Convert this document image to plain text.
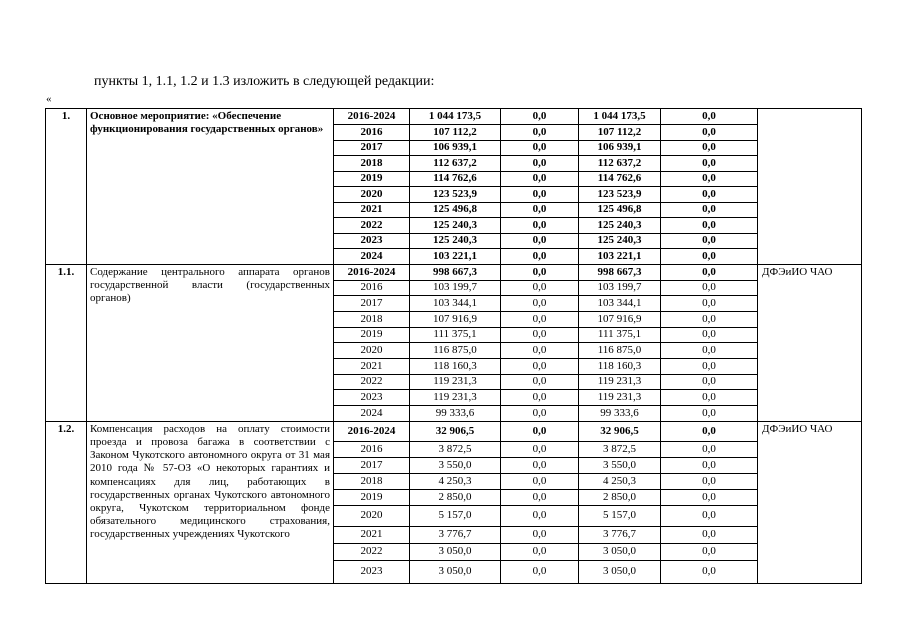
пункты 1, 1.1, 1.2 и 1.3 изложить в следующей редакции:
«
1.	Основное мероприятие: «Обеспечение функционирования государственных органов»	2016-2024	1 044 173,5	0,0	1 044 173,5	0,0	
		2016	107 112,2	0,0	107 112,2	0,0	
		2017	106 939,1	0,0	106 939,1	0,0	
		2018	112 637,2	0,0	112 637,2	0,0	
		2019	114 762,6	0,0	114 762,6	0,0	
		2020	123 523,9	0,0	123 523,9	0,0	
		2021	125 496,8	0,0	125 496,8	0,0	
		2022	125 240,3	0,0	125 240,3	0,0	
		2023	125 240,3	0,0	125 240,3	0,0	
		2024	103 221,1	0,0	103 221,1	0,0	
1.1.	Содержание центрального аппарата органов государственной власти (государственных органов)	2016-2024	998 667,3	0,0	998 667,3	0,0	ДФЭиИО ЧАО
		2016	103 199,7	0,0	103 199,7	0,0	
		2017	103 344,1	0,0	103 344,1	0,0	
		2018	107 916,9	0,0	107 916,9	0,0	
		2019	111 375,1	0,0	111 375,1	0,0	
		2020	116 875,0	0,0	116 875,0	0,0	
		2021	118 160,3	0,0	118 160,3	0,0	
		2022	119 231,3	0,0	119 231,3	0,0	
		2023	119 231,3	0,0	119 231,3	0,0	
		2024	99 333,6	0,0	99 333,6	0,0	
1.2.	Компенсация расходов на оплату стоимости проезда и провоза багажа в соответствии с Законом Чукотского автономного округа от 31 мая 2010 года № 57-ОЗ «О некоторых гарантиях и компенсациях для лиц, работающих в государственных органах Чукотского автономного округа, Чукотском территориальном фонде обязательного медицинского страхования, государственных учреждениях Чукотского	2016-2024	32 906,5	0,0	32 906,5	0,0	ДФЭиИО ЧАО
		2016	3 872,5	0,0	3 872,5	0,0	
		2017	3 550,0	0,0	3 550,0	0,0	
		2018	4 250,3	0,0	4 250,3	0,0	
		2019	2 850,0	0,0	2 850,0	0,0	
		2020	5 157,0	0,0	5 157,0	0,0	
		2021	3 776,7	0,0	3 776,7	0,0	
		2022	3 050,0	0,0	3 050,0	0,0	
		2023	3 050,0	0,0	3 050,0	0,0	
